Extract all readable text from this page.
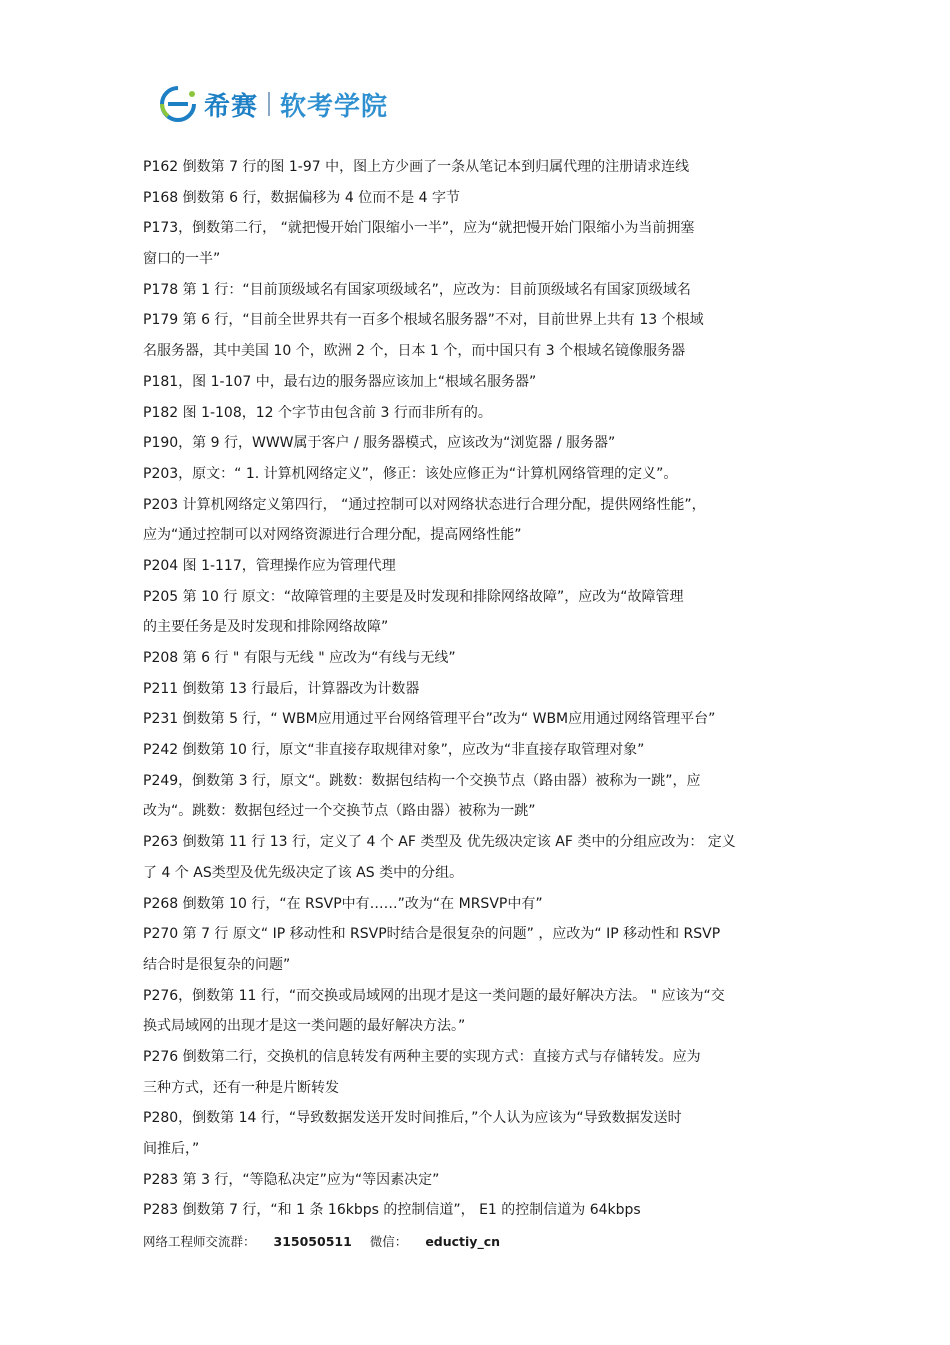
希赛 软考学院
P162 倒数第 7 行的图 1-97 中，图上方少画了一条从笔记本到归属代理的注册请求连线
P168 倒数第 6 行，数据偏移为 4 位而不是 4 字节
P173，倒数第二行， “就把慢开始门限缩小一半”，应为“就把慢开始门限缩小为当前拥塞
窗口的一半”
P178 第 1 行：“目前顶级域名有国家项级域名”，应改为：目前顶级域名有国家顶级域名
P179 第 6 行，“目前全世界共有一百多个根域名服务器”不对，目前世界上共有 13 个根域
名服务器，其中美国 10 个，欧洲 2 个，日本 1 个，而中国只有 3 个根域名镜像服务器
P181，图 1-107 中，最右边的服务器应该加上“根域名服务器”
P182 图 1-108，12 个字节由包含前 3 行而非所有的。
P190，第 9 行，WWW属于客户 / 服务器模式，应该改为“浏览器 / 服务器”
P203，原文：“ 1. 计算机网络定义”，修正：该处应修正为“计算机网络管理的定义”。
P203 计算机网络定义第四行， “通过控制可以对网络状态进行合理分配，提供网络性能”，
应为“通过控制可以对网络资源进行合理分配，提高网络性能”
P204 图 1-117，管理操作应为管理代理
P205 第 10 行 原文：“故障管理的主要是及时发现和排除网络故障”，应改为“故障管理
的主要任务是及时发现和排除网络故障”
P208 第 6 行 " 有限与无线 " 应改为“有线与无线”
P211 倒数第 13 行最后，计算器改为计数器
P231 倒数第 5 行，“ WBM应用通过平台网络管理平台”改为“ WBM应用通过网络管理平台”
P242 倒数第 10 行，原文“非直接存取规律对象”，应改为“非直接存取管理对象”
P249，倒数第 3 行，原文“。跳数：数据包结构一个交换节点（路由器）被称为一跳”，应
改为“。跳数：数据包经过一个交换节点（路由器）被称为一跳”
P263 倒数第 11 行 13 行，定义了 4 个 AF 类型及 优先级决定该 AF 类中的分组应改为： 定义
了 4 个 AS类型及优先级决定了该 AS 类中的分组。
P268 倒数第 10 行，“在 RSVP中有……”改为“在 MRSVP中有”
P270 第 7 行 原文“ IP 移动性和 RSVP时结合是很复杂的问题” ，应改为“ IP 移动性和 RSVP
结合时是很复杂的问题”
P276，倒数第 11 行，“而交换或局域网的出现才是这一类问题的最好解决方法。 " 应该为“交
换式局域网的出现才是这一类问题的最好解决方法。”
P276 倒数第二行，交换机的信息转发有两种主要的实现方式：直接方式与存储转发。应为
三种方式，还有一种是片断转发
P280，倒数第 14 行，“导致数据发送开发时间推后，”个人认为应该为“导致数据发送时
间推后，”
P283 第 3 行，“等隐私决定”应为“等因素决定”
P283 倒数第 7 行，“和 1 条 16kbps 的控制信道”， E1 的控制信道为 64kbps
网络工程师交流群： 315050511 微信： eductiy_cn
